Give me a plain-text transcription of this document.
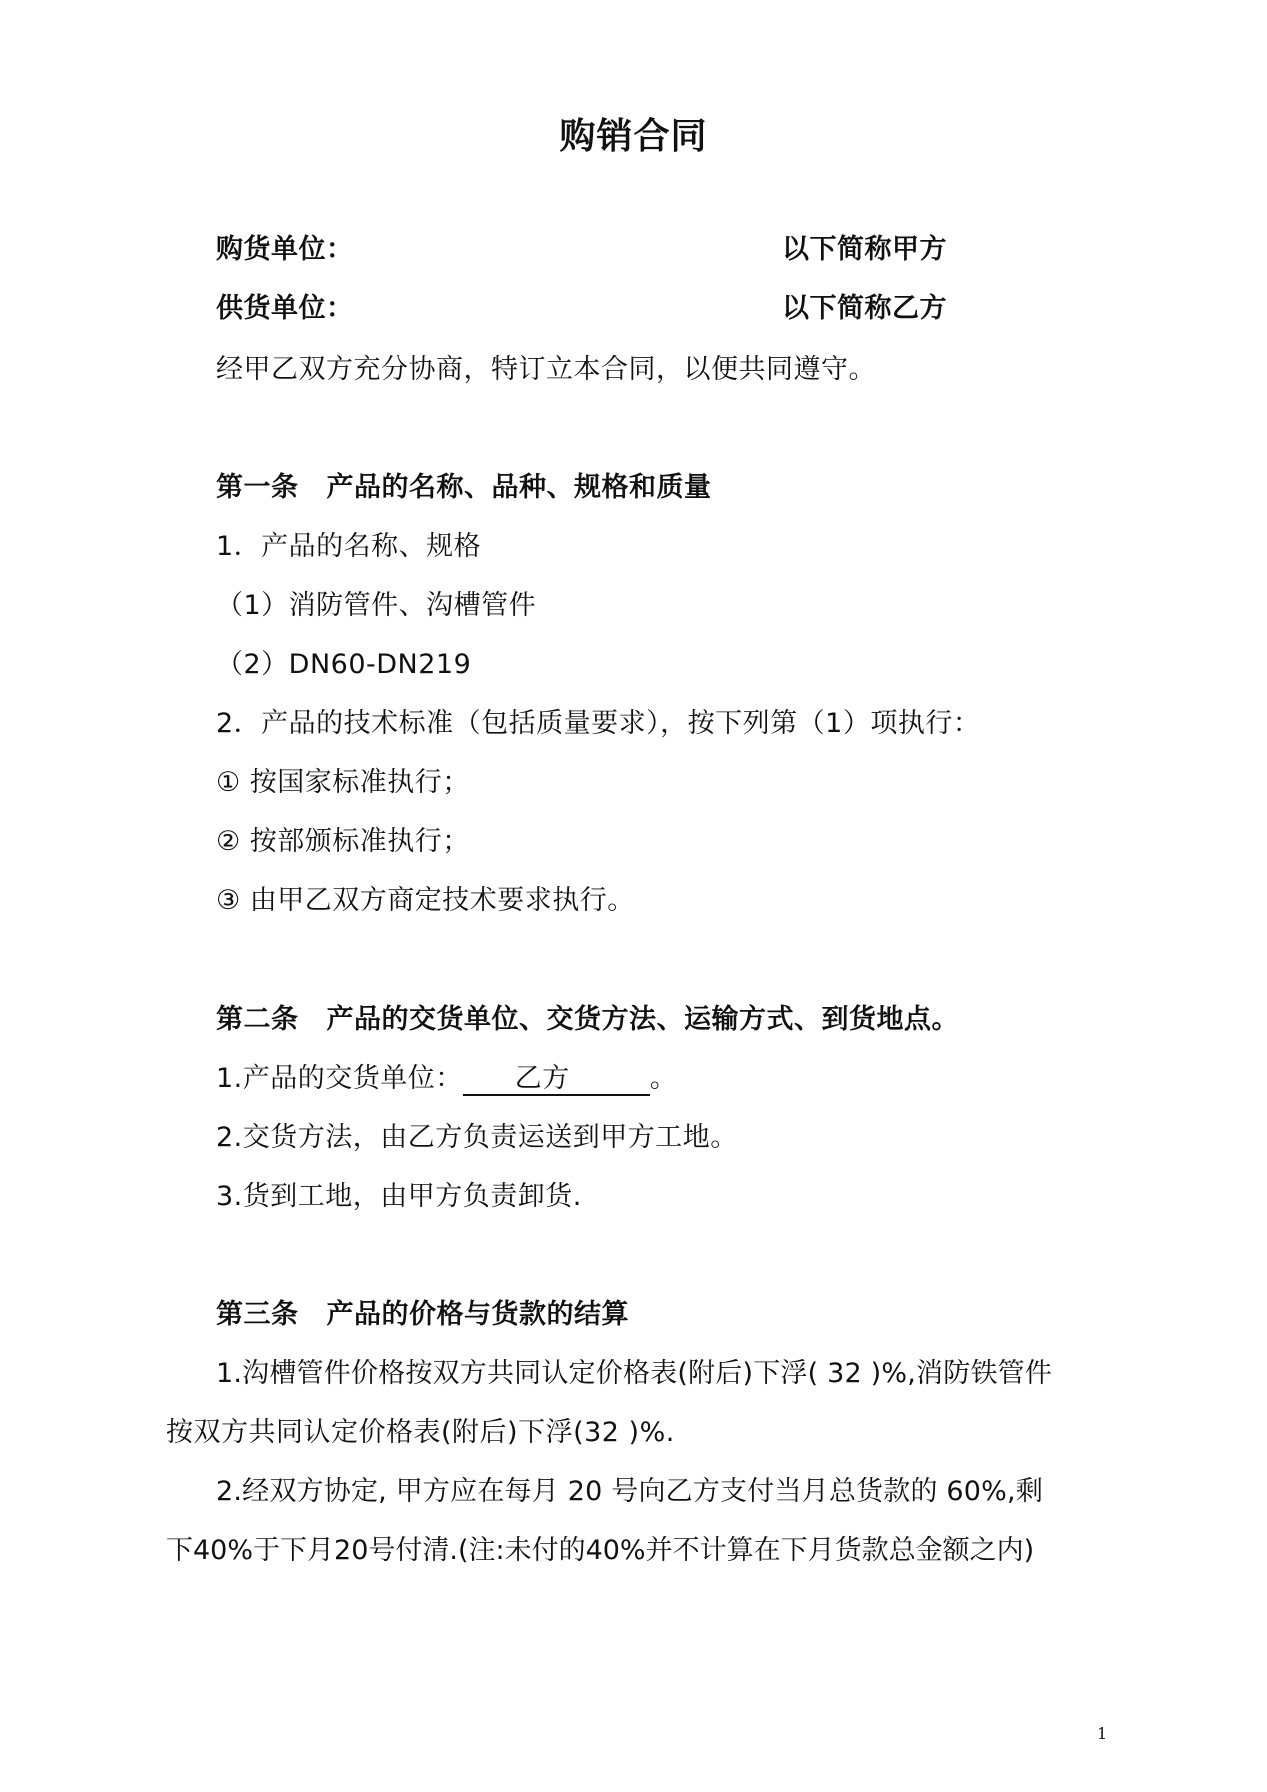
购销合同
购货单位：	以下简称甲方
供货单位：	以下简称乙方
经甲乙双方充分协商，特订立本合同，以便共同遵守。
第一条 产品的名称、品种、规格和质量
1．产品的名称、规格
（1）消防管件、沟槽管件
（2）DN60-DN219
2．产品的技术标准（包括质量要求），按下列第（1）项执行：
① 按国家标准执行；
② 按部颁标准执行；
③ 由甲乙双方商定技术要求执行。
第二条 产品的交货单位、交货方法、运输方式、到货地点。
1.产品的交货单位： 乙方	。
2.交货方法，由乙方负责运送到甲方工地。
3.货到工地，由甲方负责卸货.
第三条 产品的价格与货款的结算
1.沟槽管件价格按双方共同认定价格表(附后)下浮( 32 )%,消防铁管件
按双方共同认定价格表(附后)下浮(32 )%.
2.经双方协定, 甲方应在每月 20 号向乙方支付当月总货款的 60%,剩
下40%于下月20号付清.(注:未付的40%并不计算在下月货款总金额之内)
1
